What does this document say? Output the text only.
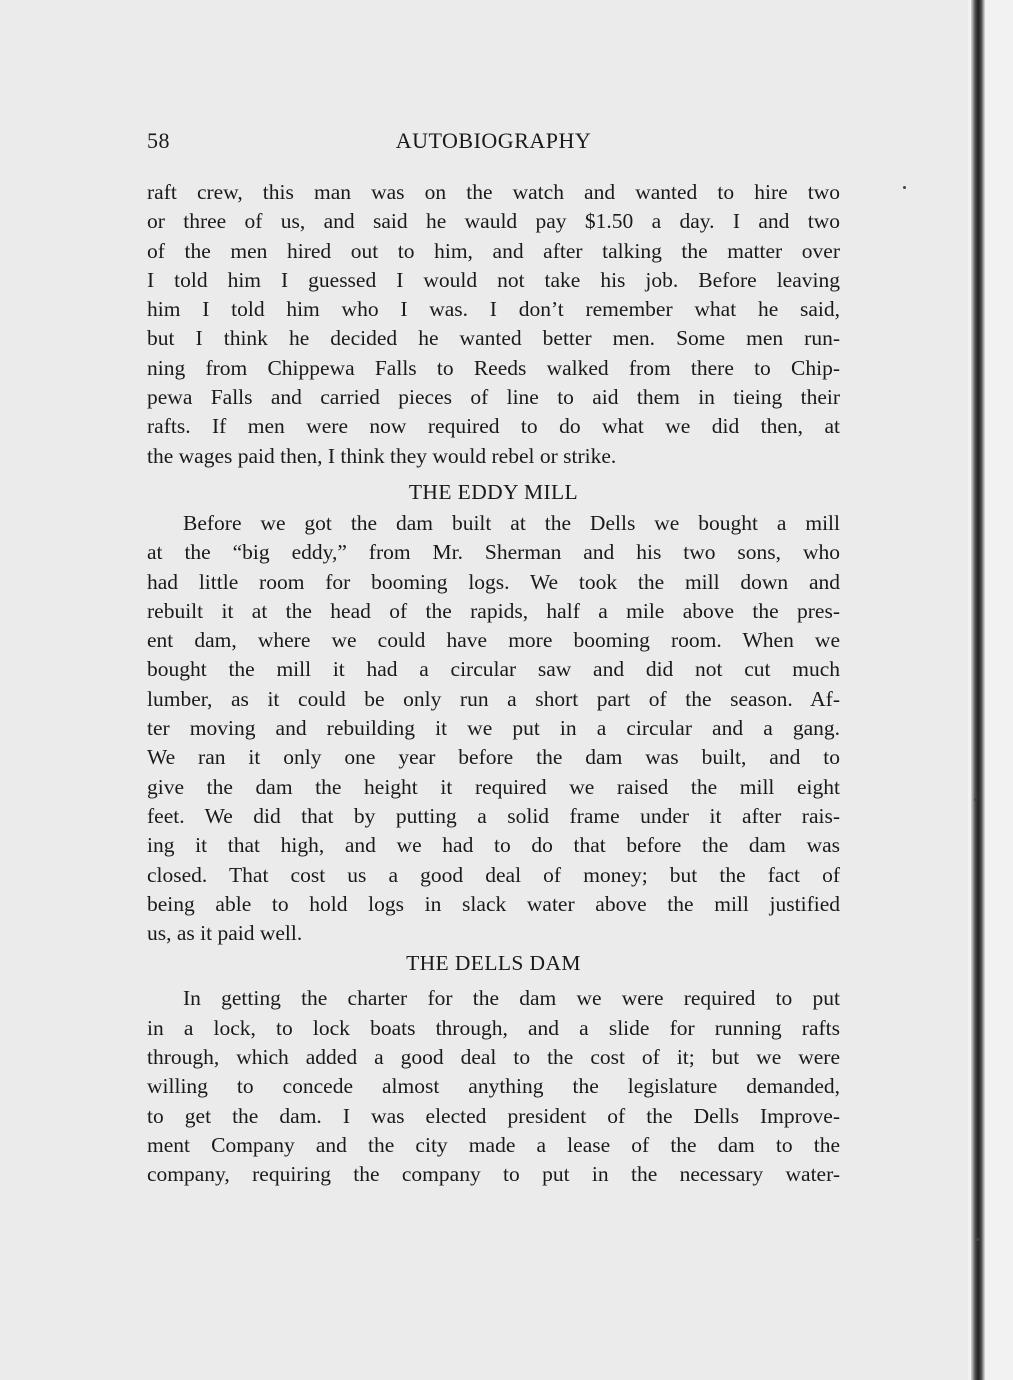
58	AUTOBIOGRAPHY
raft crew, this man was on the watch and wanted to hire two
or three of us, and said he wauld pay $1.50 a day. I and two
of the men hired out to him, and after talking the matter over
I told him I guessed I would not take his job. Before leaving
him I told him who I was. I don’t remember what he said,
but I think he decided he wanted better men. Some men run-
ning from Chippewa Falls to Reeds walked from there to Chip-
pewa Falls and carried pieces of line to aid them in tieing their
rafts. If men were now required to do what we did then, at
the wages paid then, I think they would rebel or strike.
THE EDDY MILL
Before we got the dam built at the Dells we bought a mill
at the “big eddy,” from Mr. Sherman and his two sons, who
had little room for booming logs. We took the mill down and
rebuilt it at the head of the rapids, half a mile above the pres-
ent dam, where we could have more booming room. When we
bought the mill it had a circular saw and did not cut much
lumber, as it could be only run a short part of the season. Af-
ter moving and rebuilding it we put in a circular and a gang.
We ran it only one year before the dam was built, and to
give the dam the height it required we raised the mill eight
feet. We did that by putting a solid frame under it after rais-
ing it that high, and we had to do that before the dam was
closed. That cost us a good deal of money; but the fact of
being able to hold logs in slack water above the mill justified
us, as it paid well.
THE DELLS DAM
In getting the charter for the dam we were required to put
in a lock, to lock boats through, and a slide for running rafts
through, which added a good deal to the cost of it; but we were
willing to concede almost anything the legislature demanded,
to get the dam. I was elected president of the Dells Improve-
ment Company and the city made a lease of the dam to the
company, requiring the company to put in the necessary water-
